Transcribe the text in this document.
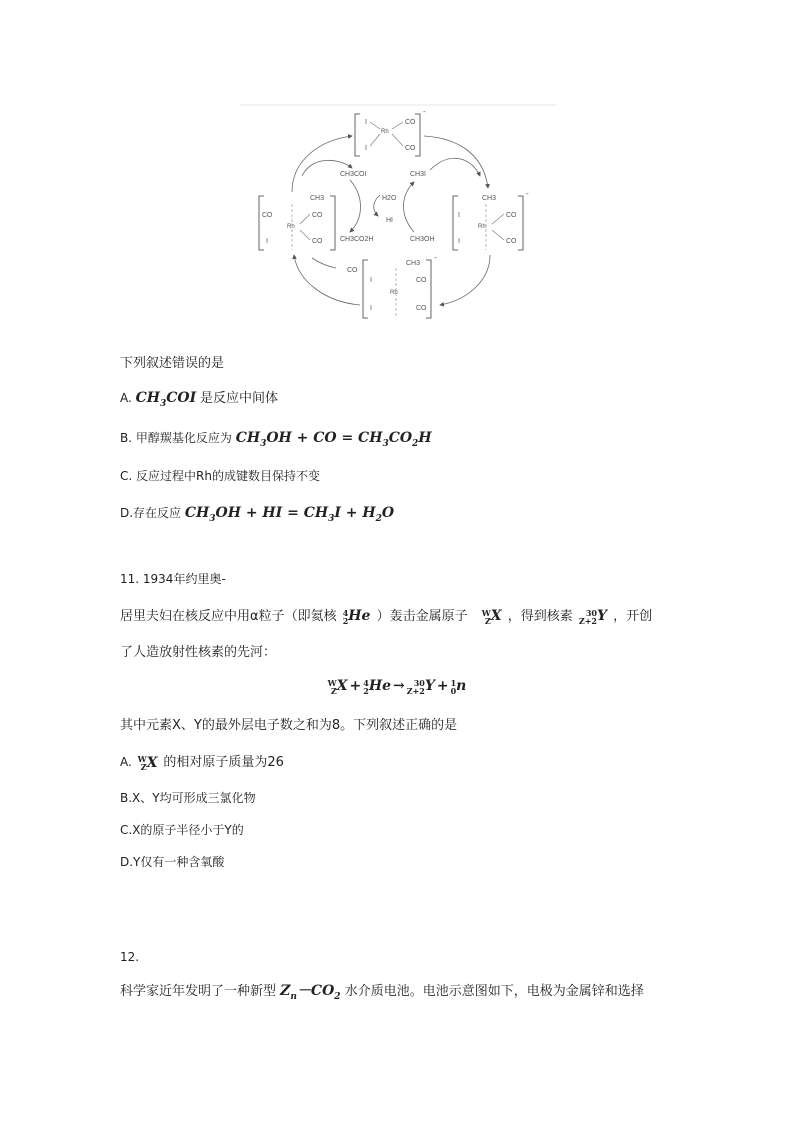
-
I
I
Rh
CO
CO
CH3
CO	CO
Rh
I	CO
-
CH3
I	CO
Rh
I	CO
-
CH3
CO
Rh
I
I	CO
CH3COI	CH3I
H2O
HI
CH3CO2H	CH3OH
CO
下列叙述错误的是
A. $CH_3COI$ 是反应中间体
B. 甲醇羰基化反应为 $CH_3OH$ + CO = $CH_3CO_2H$
C. 反应过程中Rh的成键数目保持不变
D.存在反应 $CH_3OH$ + HI = $CH_3I + H_2O$
11. 1934年约里奥-
居里夫妇在核反应中用α粒子（即氦核 4
2 He ）轰击金属原子 W
Z X ，得到核素	30
Z+2 Y ，开创
了人造放射性核素的先河：
W
Z X + 4
2 He →	30
Z+2 Y + 1
0 n
其中元素X、Y的最外层电子数之和为8。下列叙述正确的是
A. W
Z X 的相对原子质量为26
B.X、Y均可形成三氯化物
C.X的原子半径小于Y的
D.Y仅有一种含氧酸
12.
科学家近年发明了一种新型 $Z_n-CO_2$ 水介质电池。电池示意图如下，电极为金属锌和选择
